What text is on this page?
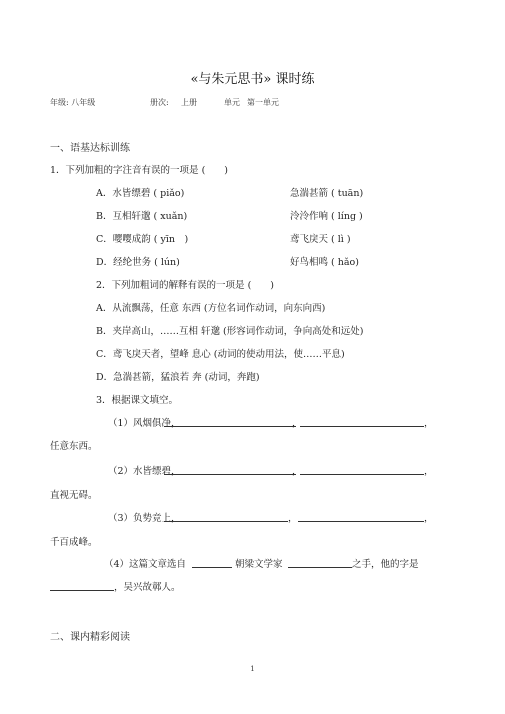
«与朱元思书» 课时练
年级: 八年级	册次: 上册	单元 第一单元
一、语基达标训练
1．下列加粗的字注音有误的一项是 (　　)
A．水皆缥碧 ( piǎo)	急湍甚箭 ( tuān)
B．互相轩邈 ( xuǎn)	泠泠作响 ( líng )
C．嘤嘤成韵 ( yīn　)	鸢飞戾天 ( lì )
D．经纶世务 ( lún)	好鸟相鸣 ( hǎo)
2．下列加粗词的解释有误的一项是 (　　)
A．从流飘荡，任意 东西 (方位名词作动词，向东向西)
B．夹岸高山，……互相 轩邈 (形容词作动词，争向高处和远处)
C．鸢飞戾天者，望峰 息心 (动词的使动用法，使……平息)
D．急湍甚箭，猛浪若 奔 (动词，奔跑)
3．根据课文填空。
（1）风烟俱净，	，	，
任意东西。
（2）水皆缥碧，	，	，
直视无碍。
（3）负势竞上，	，	，
千百成峰。
（4）这篇文章选自	朝梁文学家	之手，他的字是
，吴兴故鄣人。
二、课内精彩阅读
1
